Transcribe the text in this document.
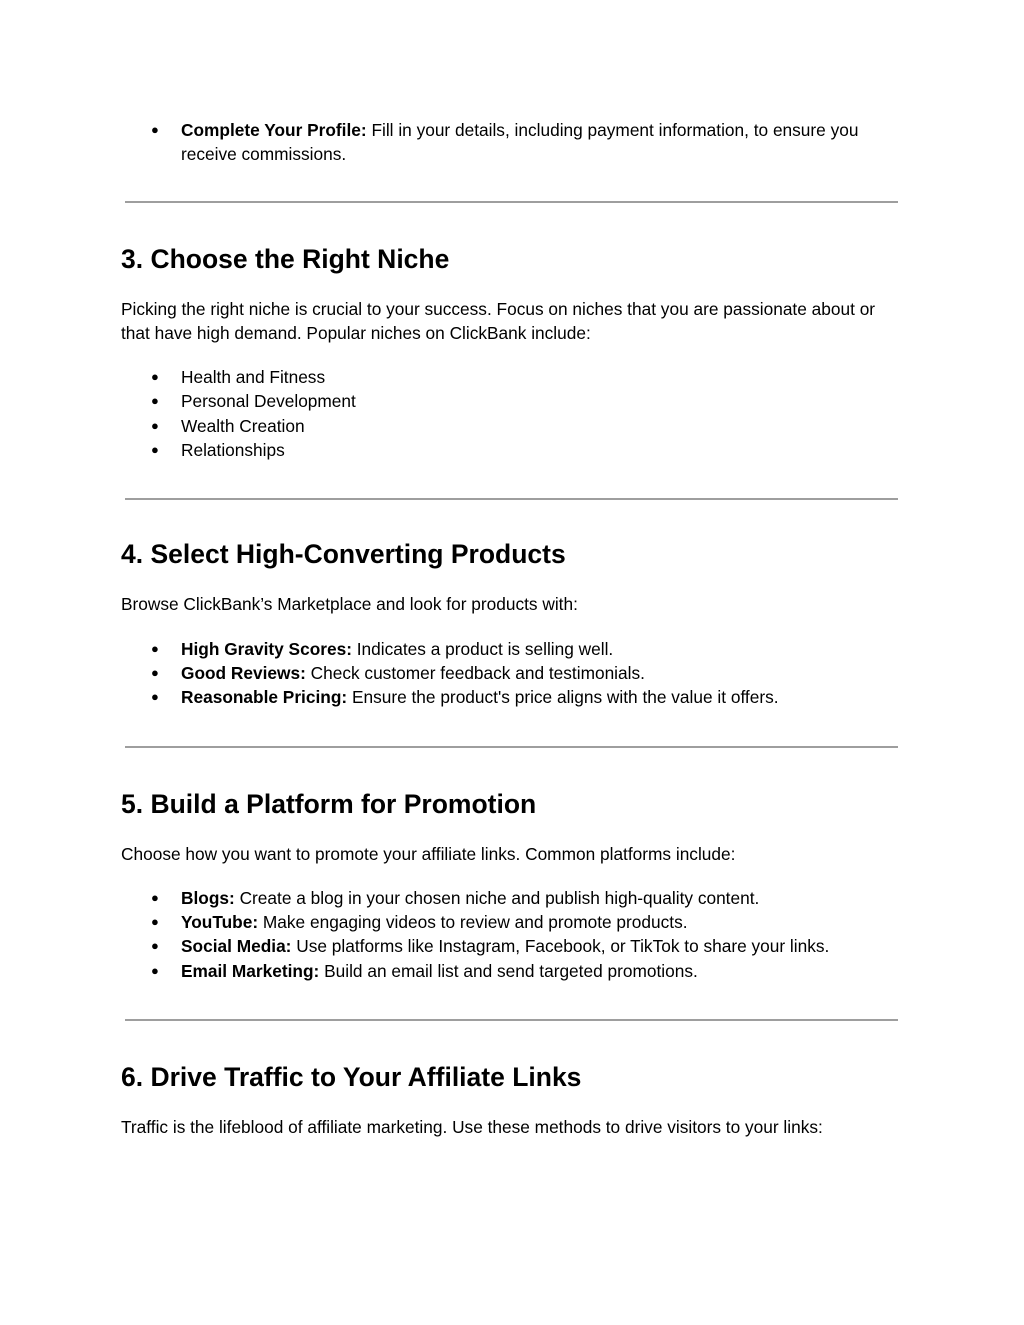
● Complete Your Profile: Fill in your details, including payment information, to ensure you receive commissions.
3. Choose the Right Niche

Picking the right niche is crucial to your success. Focus on niches that you are passionate about or that have high demand. Popular niches on ClickBank include:

● Health and Fitness
● Personal Development
● Wealth Creation
● Relationships
4. Select High-Converting Products

Browse ClickBank’s Marketplace and look for products with:

● High Gravity Scores: Indicates a product is selling well.
● Good Reviews: Check customer feedback and testimonials.
● Reasonable Pricing: Ensure the product's price aligns with the value it offers.
5. Build a Platform for Promotion

Choose how you want to promote your affiliate links. Common platforms include:

● Blogs: Create a blog in your chosen niche and publish high-quality content.
● YouTube: Make engaging videos to review and promote products.
● Social Media: Use platforms like Instagram, Facebook, or TikTok to share your links.
● Email Marketing: Build an email list and send targeted promotions.
6. Drive Traffic to Your Affiliate Links

Traffic is the lifeblood of affiliate marketing. Use these methods to drive visitors to your links:
